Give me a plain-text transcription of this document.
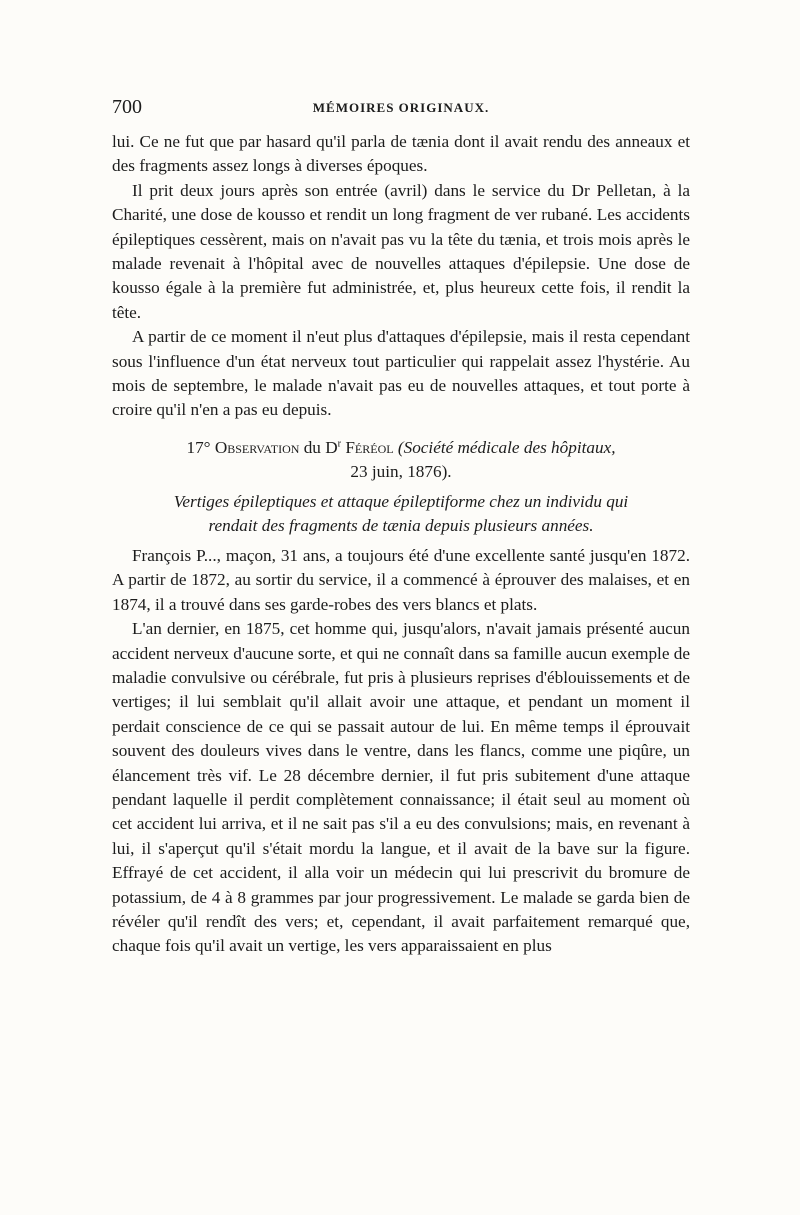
700	MÉMOIRES ORIGINAUX.

lui. Ce ne fut que par hasard qu'il parla de tænia dont il avait rendu des anneaux et des fragments assez longs à diverses époques.

Il prit deux jours après son entrée (avril) dans le service du Dr Pelletan, à la Charité, une dose de kousso et rendit un long fragment de ver rubané. Les accidents épileptiques cessèrent, mais on n'avait pas vu la tête du tænia, et trois mois après le malade revenait à l'hôpital avec de nouvelles attaques d'épilepsie. Une dose de kousso égale à la première fut administrée, et, plus heureux cette fois, il rendit la tête.

A partir de ce moment il n'eut plus d'attaques d'épilepsie, mais il resta cependant sous l'influence d'un état nerveux tout particulier qui rappelait assez l'hystérie. Au mois de septembre, le malade n'avait pas eu de nouvelles attaques, et tout porte à croire qu'il n'en a pas eu depuis.

17° Observation du $D^r$ Féréol (Société médicale des hôpitaux,
23 juin, 1876).

Vertiges épileptiques et attaque épileptiforme chez un individu qui
rendait des fragments de tænia depuis plusieurs années.

François P..., maçon, 31 ans, a toujours été d'une excellente santé jusqu'en 1872. A partir de 1872, au sortir du service, il a commencé à éprouver des malaises, et en 1874, il a trouvé dans ses garde-robes des vers blancs et plats.

L'an dernier, en 1875, cet homme qui, jusqu'alors, n'avait jamais présenté aucun accident nerveux d'aucune sorte, et qui ne connaît dans sa famille aucun exemple de maladie convulsive ou cérébrale, fut pris à plusieurs reprises d'éblouissements et de vertiges; il lui semblait qu'il allait avoir une attaque, et pendant un moment il perdait conscience de ce qui se passait autour de lui. En même temps il éprouvait souvent des douleurs vives dans le ventre, dans les flancs, comme une piqûre, un élancement très vif. Le 28 décembre dernier, il fut pris subitement d'une attaque pendant laquelle il perdit complètement connaissance; il était seul au moment où cet accident lui arriva, et il ne sait pas s'il a eu des convulsions; mais, en revenant à lui, il s'aperçut qu'il s'était mordu la langue, et il avait de la bave sur la figure. Effrayé de cet accident, il alla voir un médecin qui lui prescrivit du bromure de potassium, de 4 à 8 grammes par jour progressivement. Le malade se garda bien de révéler qu'il rendît des vers; et, cependant, il avait parfaitement remarqué que, chaque fois qu'il avait un vertige, les vers apparaissaient en plus
